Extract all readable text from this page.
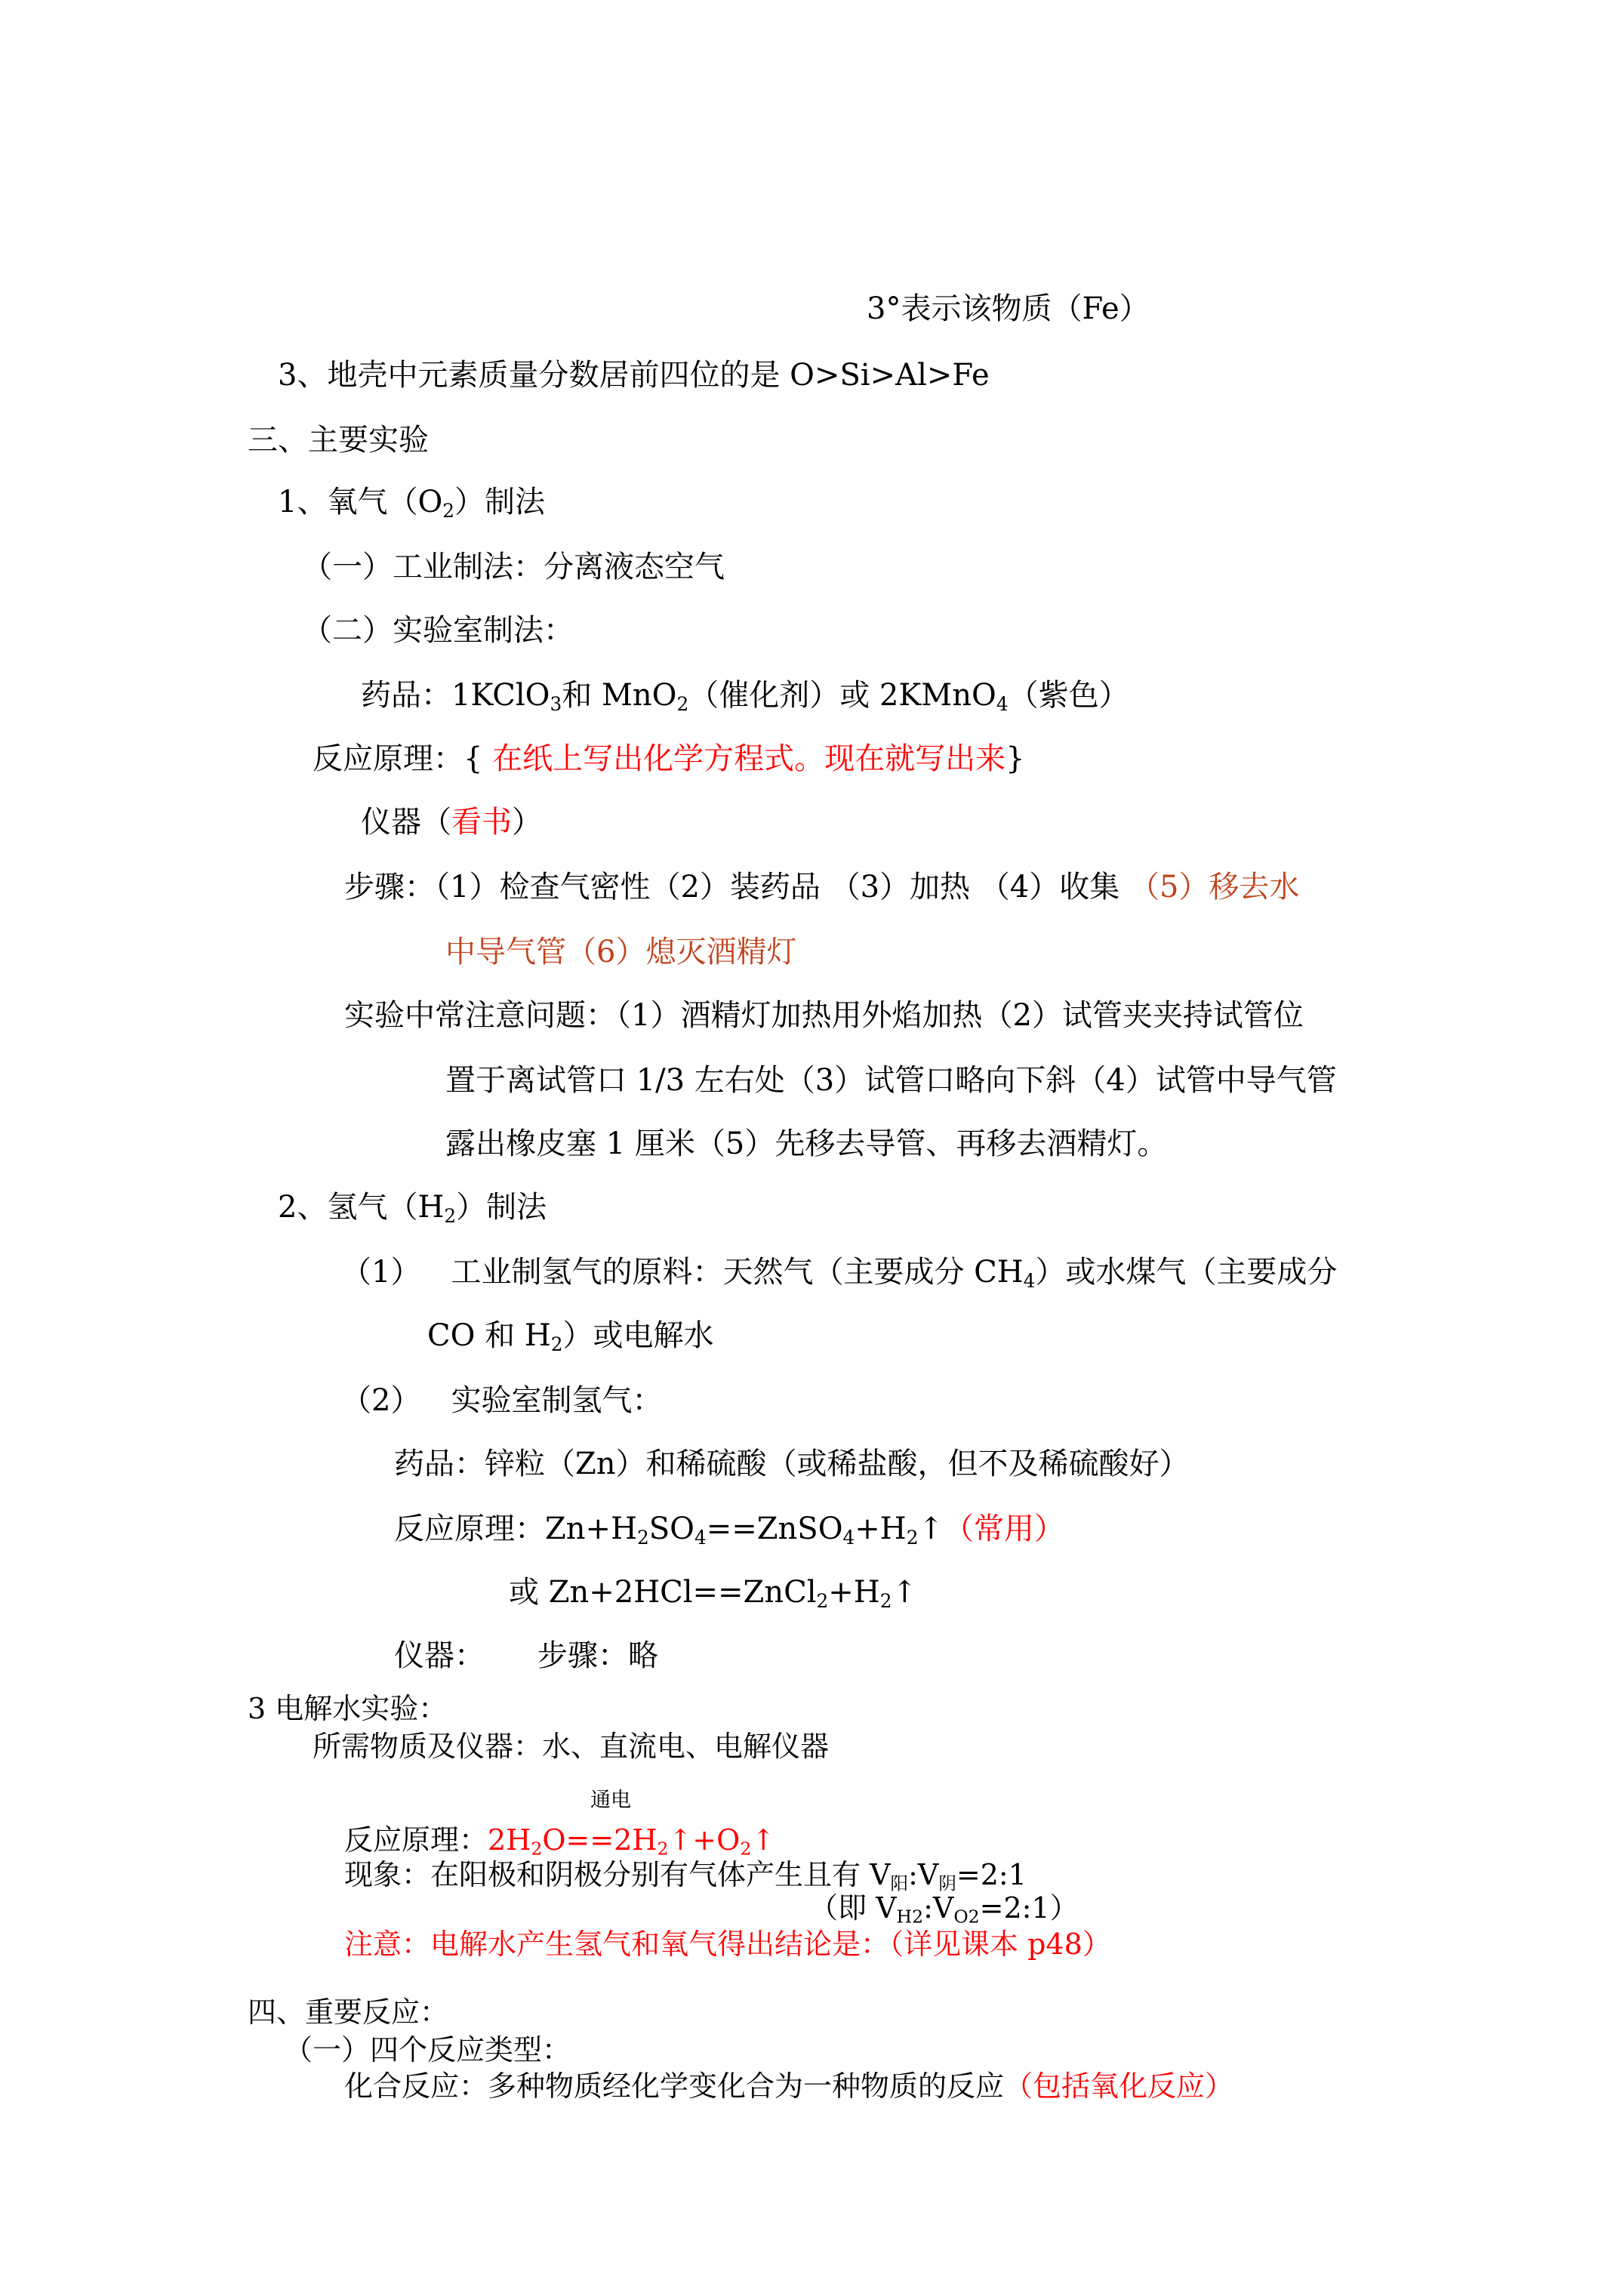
3°表示该物质（Fe）
3、地壳中元素质量分数居前四位的是 O>Si>Al>Fe
三、主要实验
1、氧气$(O_2)$制法
（一）工业制法：分离液态空气
（二）实验室制法：
药品：1KClO$_3$和 MnO$_2$（催化剂）或 2KMnO$_4$（紫色）
反应原理：{ 在纸上写出化学方程式。现在就写出来}
仪器（看书）
步骤：（1）检查气密性（2）装药品 （3）加热 （4）收集 （5）移去水
中导气管（6）熄灭酒精灯
实验中常注意问题：（1）酒精灯加热用外焰加热（2）试管夹夹持试管位
置于离试管口 1/3 左右处（3）试管口略向下斜（4）试管中导气管
露出橡皮塞 1 厘米（5）先移去导管、再移去酒精灯。
2、氢气$(H_2)$制法
（1） 工业制氢气的原料：天然气（主要成分 $CH_4$）或水煤气（主要成分
CO 和 $H_2$）或电解水
（2） 实验室制氢气：
药品：锌粒（Zn）和稀硫酸（或稀盐酸，但不及稀硫酸好）
反应原理：$Zn+H_2SO_4==ZnSO_4+H_2↑$（常用）
或 $Zn+2HCl==ZnCl_2+H_2↑$
仪器： 步骤：略
3 电解水实验：
所需物质及仪器：水、直流电、电解仪器
通电
反应原理：$2H_2O==2H_2↑+O_2↑$
现象：在阳极和阴极分别有气体产生且有 $V_阳:V_阴=2:1$
（即 $V_{H2}:V_{O2}=2:1$）
注意：电解水产生氢气和氧气得出结论是：（详见课本 p48）
四、重要反应：
（一）四个反应类型：
化合反应：多种物质经化学变化合为一种物质的反应（包括氧化反应）
